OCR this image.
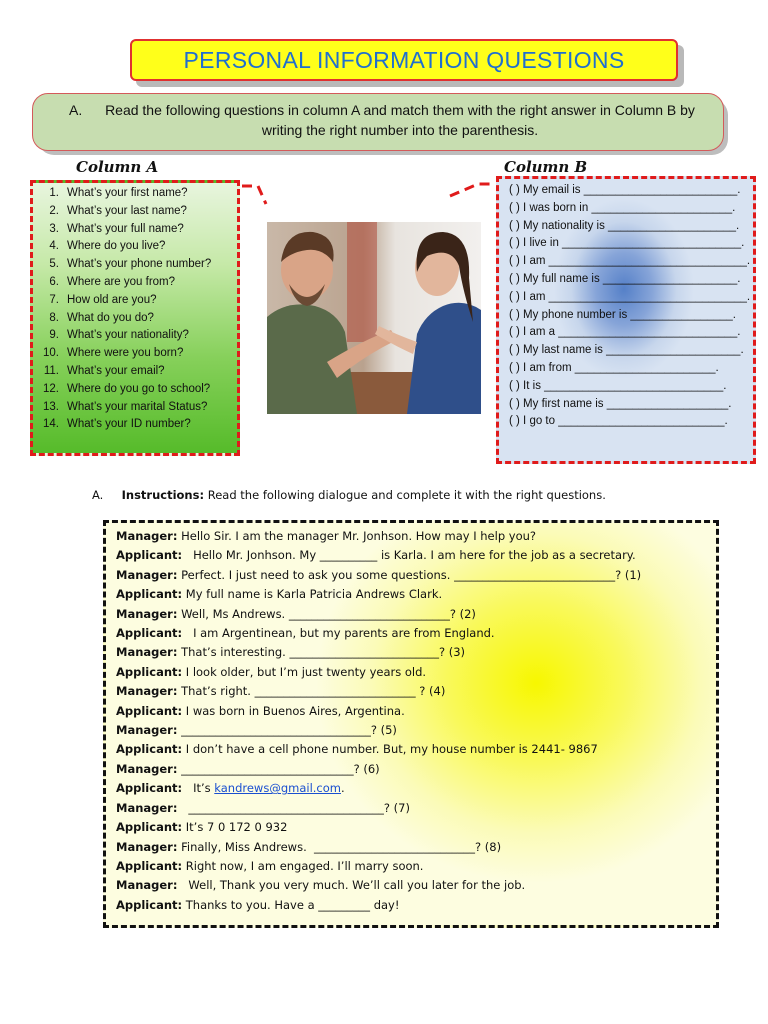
PERSONAL INFORMATION QUESTIONS
A.	Read the following questions in column A and match them with the right answer in Column B by writing the right number into the parenthesis.
Column A	Column B
1. What’s your first name?
2. What’s your last name?
3. What’s your full name?
4. Where do you live?
5. What’s your phone number?
6. Where are you from?
7. How old are you?
8. What do you do?
9. What’s your nationality?
10. Where were you born?
11. What’s your email?
12. Where do you go to school?
13. What’s your marital Status?
14. What’s your ID number?
( ) My email is ________________________.
( ) I was born in ______________________.
( ) My nationality is ____________________.
( ) I live in ____________________________.
( ) I am _______________________________.
( ) My full name is _____________________.
( ) I am _______________________________.
( ) My phone number is ________________.
( ) I am a ____________________________.
( ) My last name is _____________________.
( ) I am from ______________________.
( ) It is ____________________________.
( ) My first name is ___________________.
( ) I go to __________________________.
A. Instructions: Read the following dialogue and complete it with the right questions.
Manager: Hello Sir. I am the manager Mr. Jonhson. How may I help you?
Applicant:   Hello Mr. Jonhson. My __________ is Karla. I am here for the job as a secretary.
Manager: Perfect. I just need to ask you some questions. ____________________________? (1)
Applicant: My full name is Karla Patricia Andrews Clark.
Manager: Well, Ms Andrews. ____________________________? (2)
Applicant:   I am Argentinean, but my parents are from England.
Manager: That’s interesting. __________________________? (3)
Applicant: I look older, but I’m just twenty years old.
Manager: That’s right. ____________________________ ? (4)
Applicant: I was born in Buenos Aires, Argentina.
Manager: _________________________________? (5)
Applicant: I don’t have a cell phone number. But, my house number is 2441- 9867
Manager: ______________________________? (6)
Applicant:   It’s kandrews@gmail.com.
Manager:   __________________________________? (7)
Applicant: It’s 7 0 172 0 932
Manager: Finally, Miss Andrews.  ____________________________? (8)
Applicant: Right now, I am engaged. I’ll marry soon.
Manager:   Well, Thank you very much. We’ll call you later for the job.
Applicant: Thanks to you. Have a _________ day!
